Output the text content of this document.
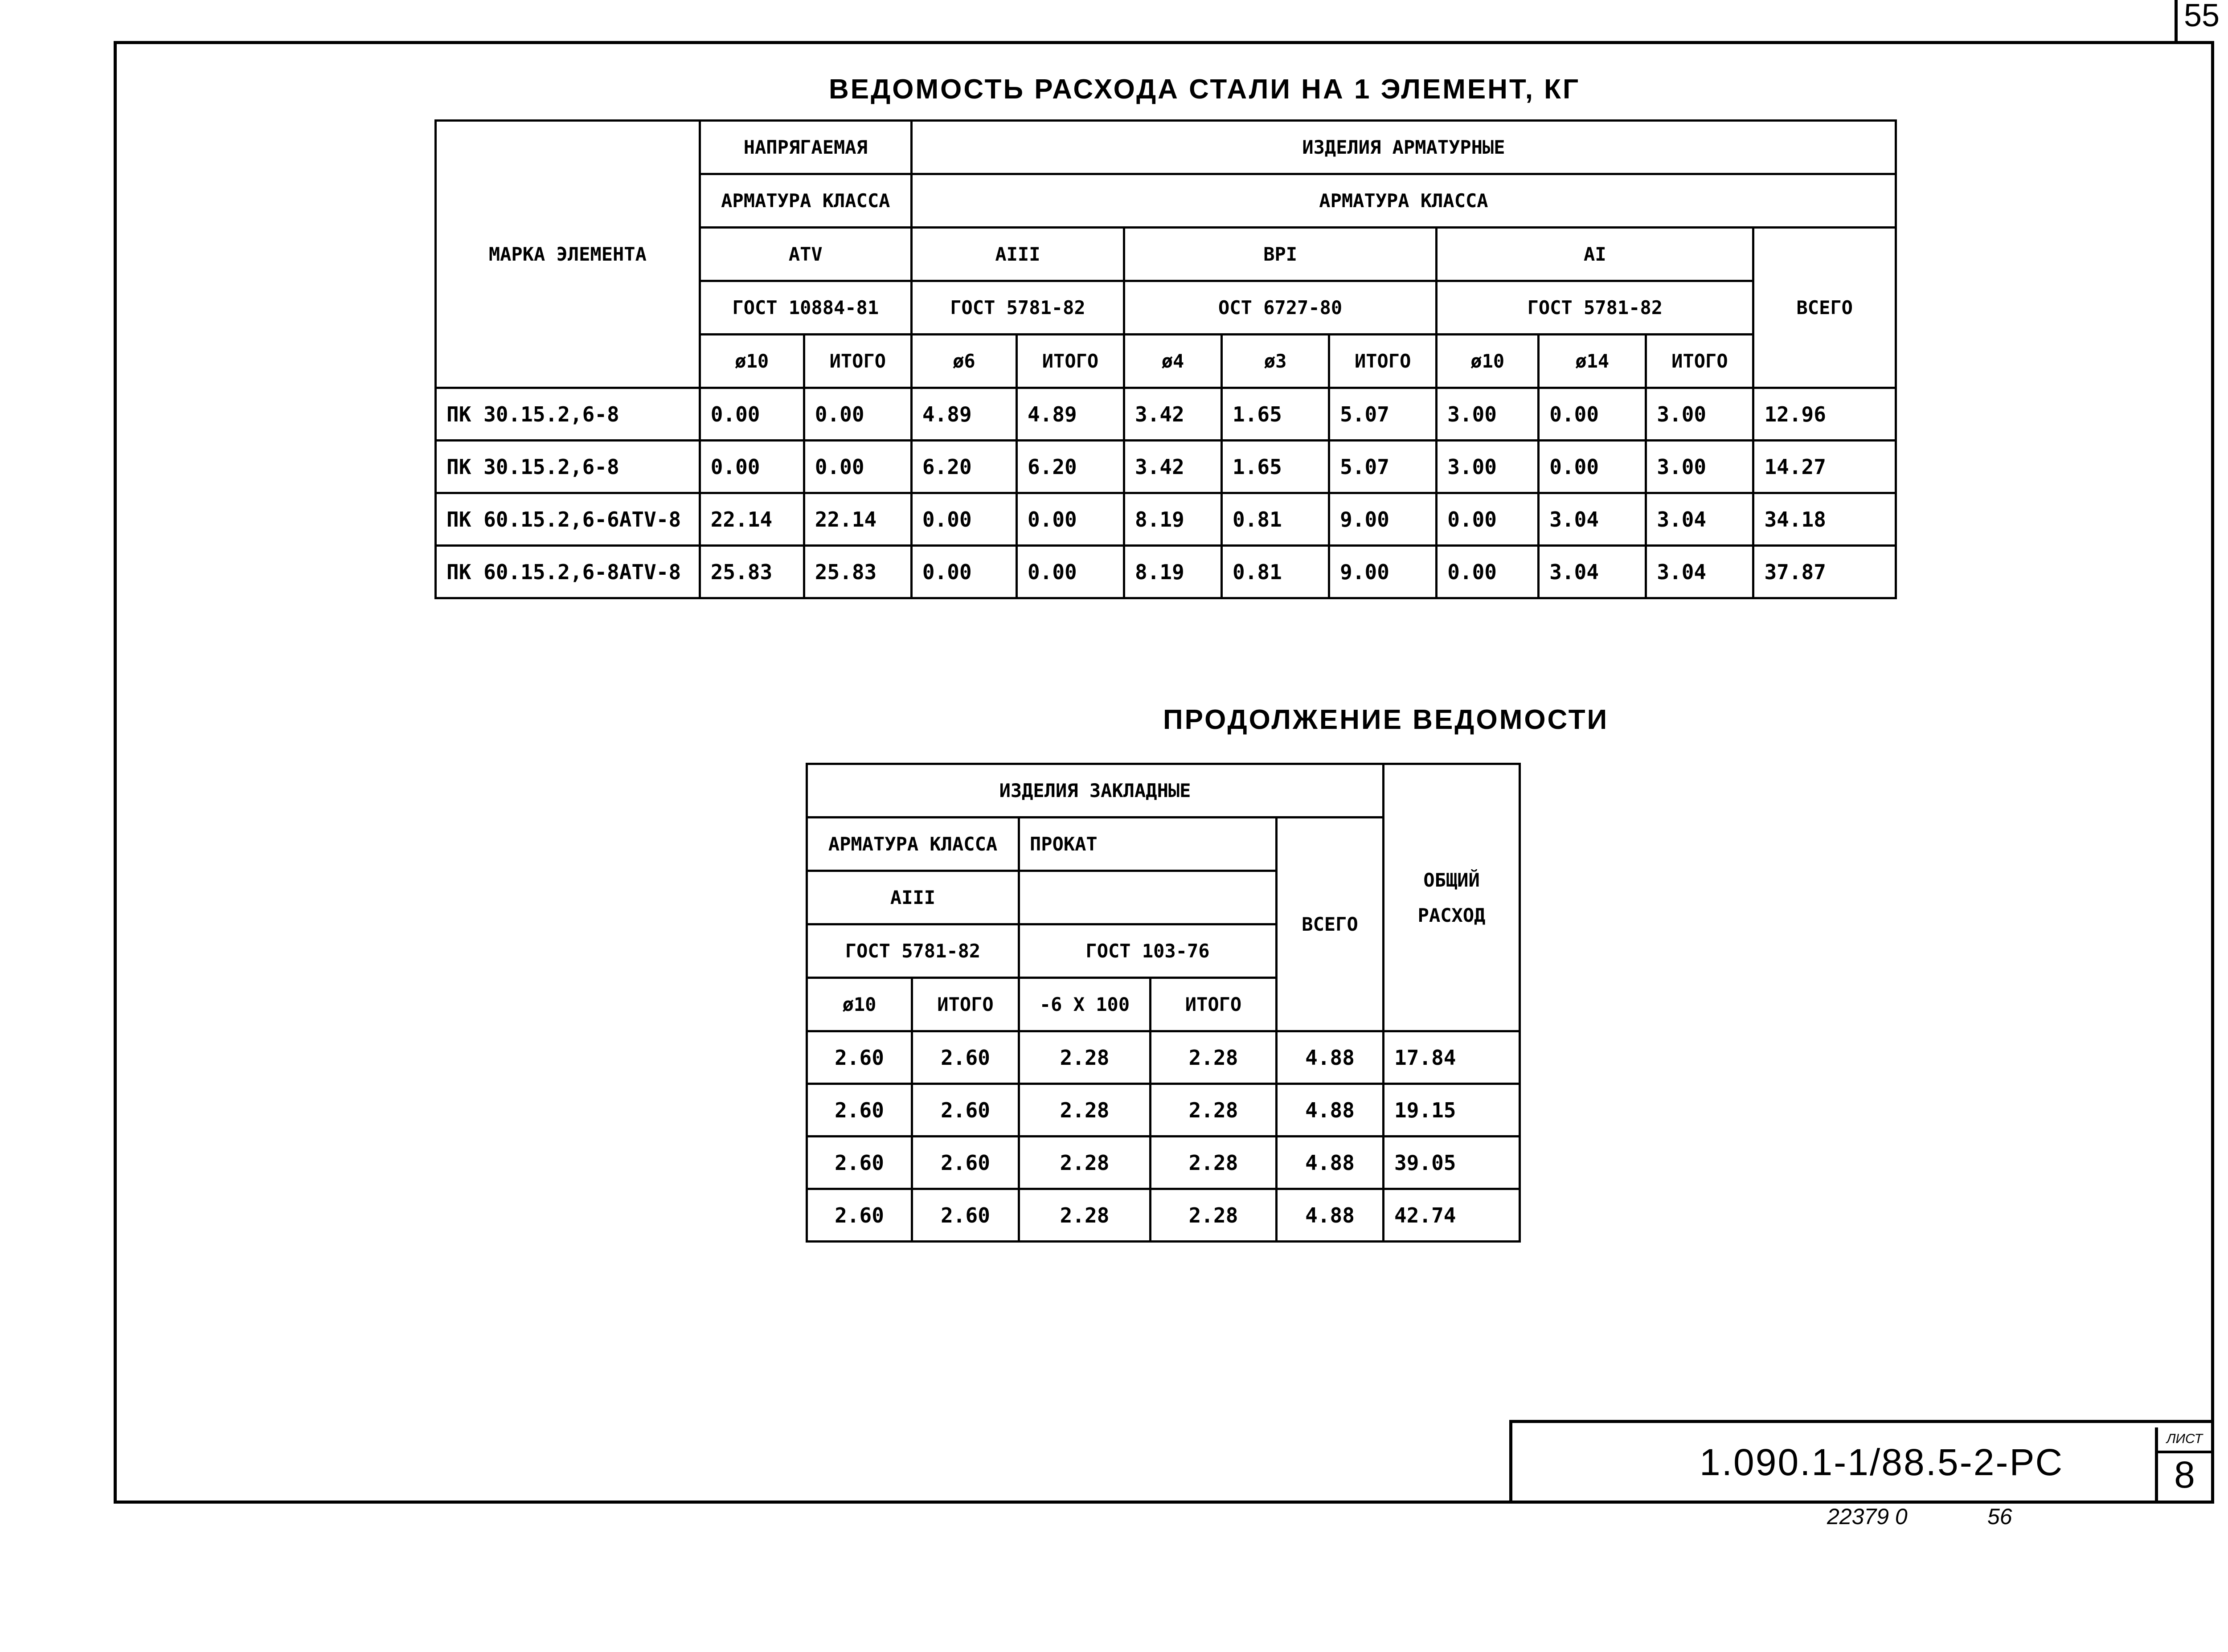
55
ВЕДОМОСТЬ РАСХОДА СТАЛИ НА 1 ЭЛЕМЕНТ, КГ
МАРКА ЭЛЕМЕНТА	НАПРЯГАЕМАЯ		ИЗДЕЛИЯ АРМАТУРНЫЕ								
	АРМАТУРА КЛАССА		АРМАТУРА КЛАССА								
	AТV		AIII		ВРI			AI			ВСЕГО
	ГОСТ 10884-81		ГОСТ 5781-82		ОСТ 6727-80			ГОСТ 5781-82			
	ø10	ИТОГО	ø6	ИТОГО	ø4	ø3	ИТОГО	ø10	ø14	ИТОГО	
ПК 30.15.2,6-8	0.00	0.00	4.89	4.89	3.42	1.65	5.07	3.00	0.00	3.00	12.96
ПК 30.15.2,6-8	0.00	0.00	6.20	6.20	3.42	1.65	5.07	3.00	0.00	3.00	14.27
ПК 60.15.2,6-6АТV-8	22.14	22.14	0.00	0.00	8.19	0.81	9.00	0.00	3.04	3.04	34.18
ПК 60.15.2,6-8АТV-8	25.83	25.83	0.00	0.00	8.19	0.81	9.00	0.00	3.04	3.04	37.87
ПРОДОЛЖЕНИЕ ВЕДОМОСТИ
ИЗДЕЛИЯ ЗАКЛАДНЫЕ					ОБЩИЙ
РАСХОД

АРМАТУРА КЛАССА		ПРОКАТ		ВСЕГО	
AIII					
ГОСТ 5781-82		ГОСТ 103-76			
ø10	ИТОГО	-6 X 100	ИТОГО		
2.60	2.60	2.28	2.28	4.88	17.84
2.60	2.60	2.28	2.28	4.88	19.15
2.60	2.60	2.28	2.28	4.88	39.05
2.60	2.60	2.28	2.28	4.88	42.74
1.090.1-1/88.5-2-РС
ЛИСТ
8
22379 0	56
